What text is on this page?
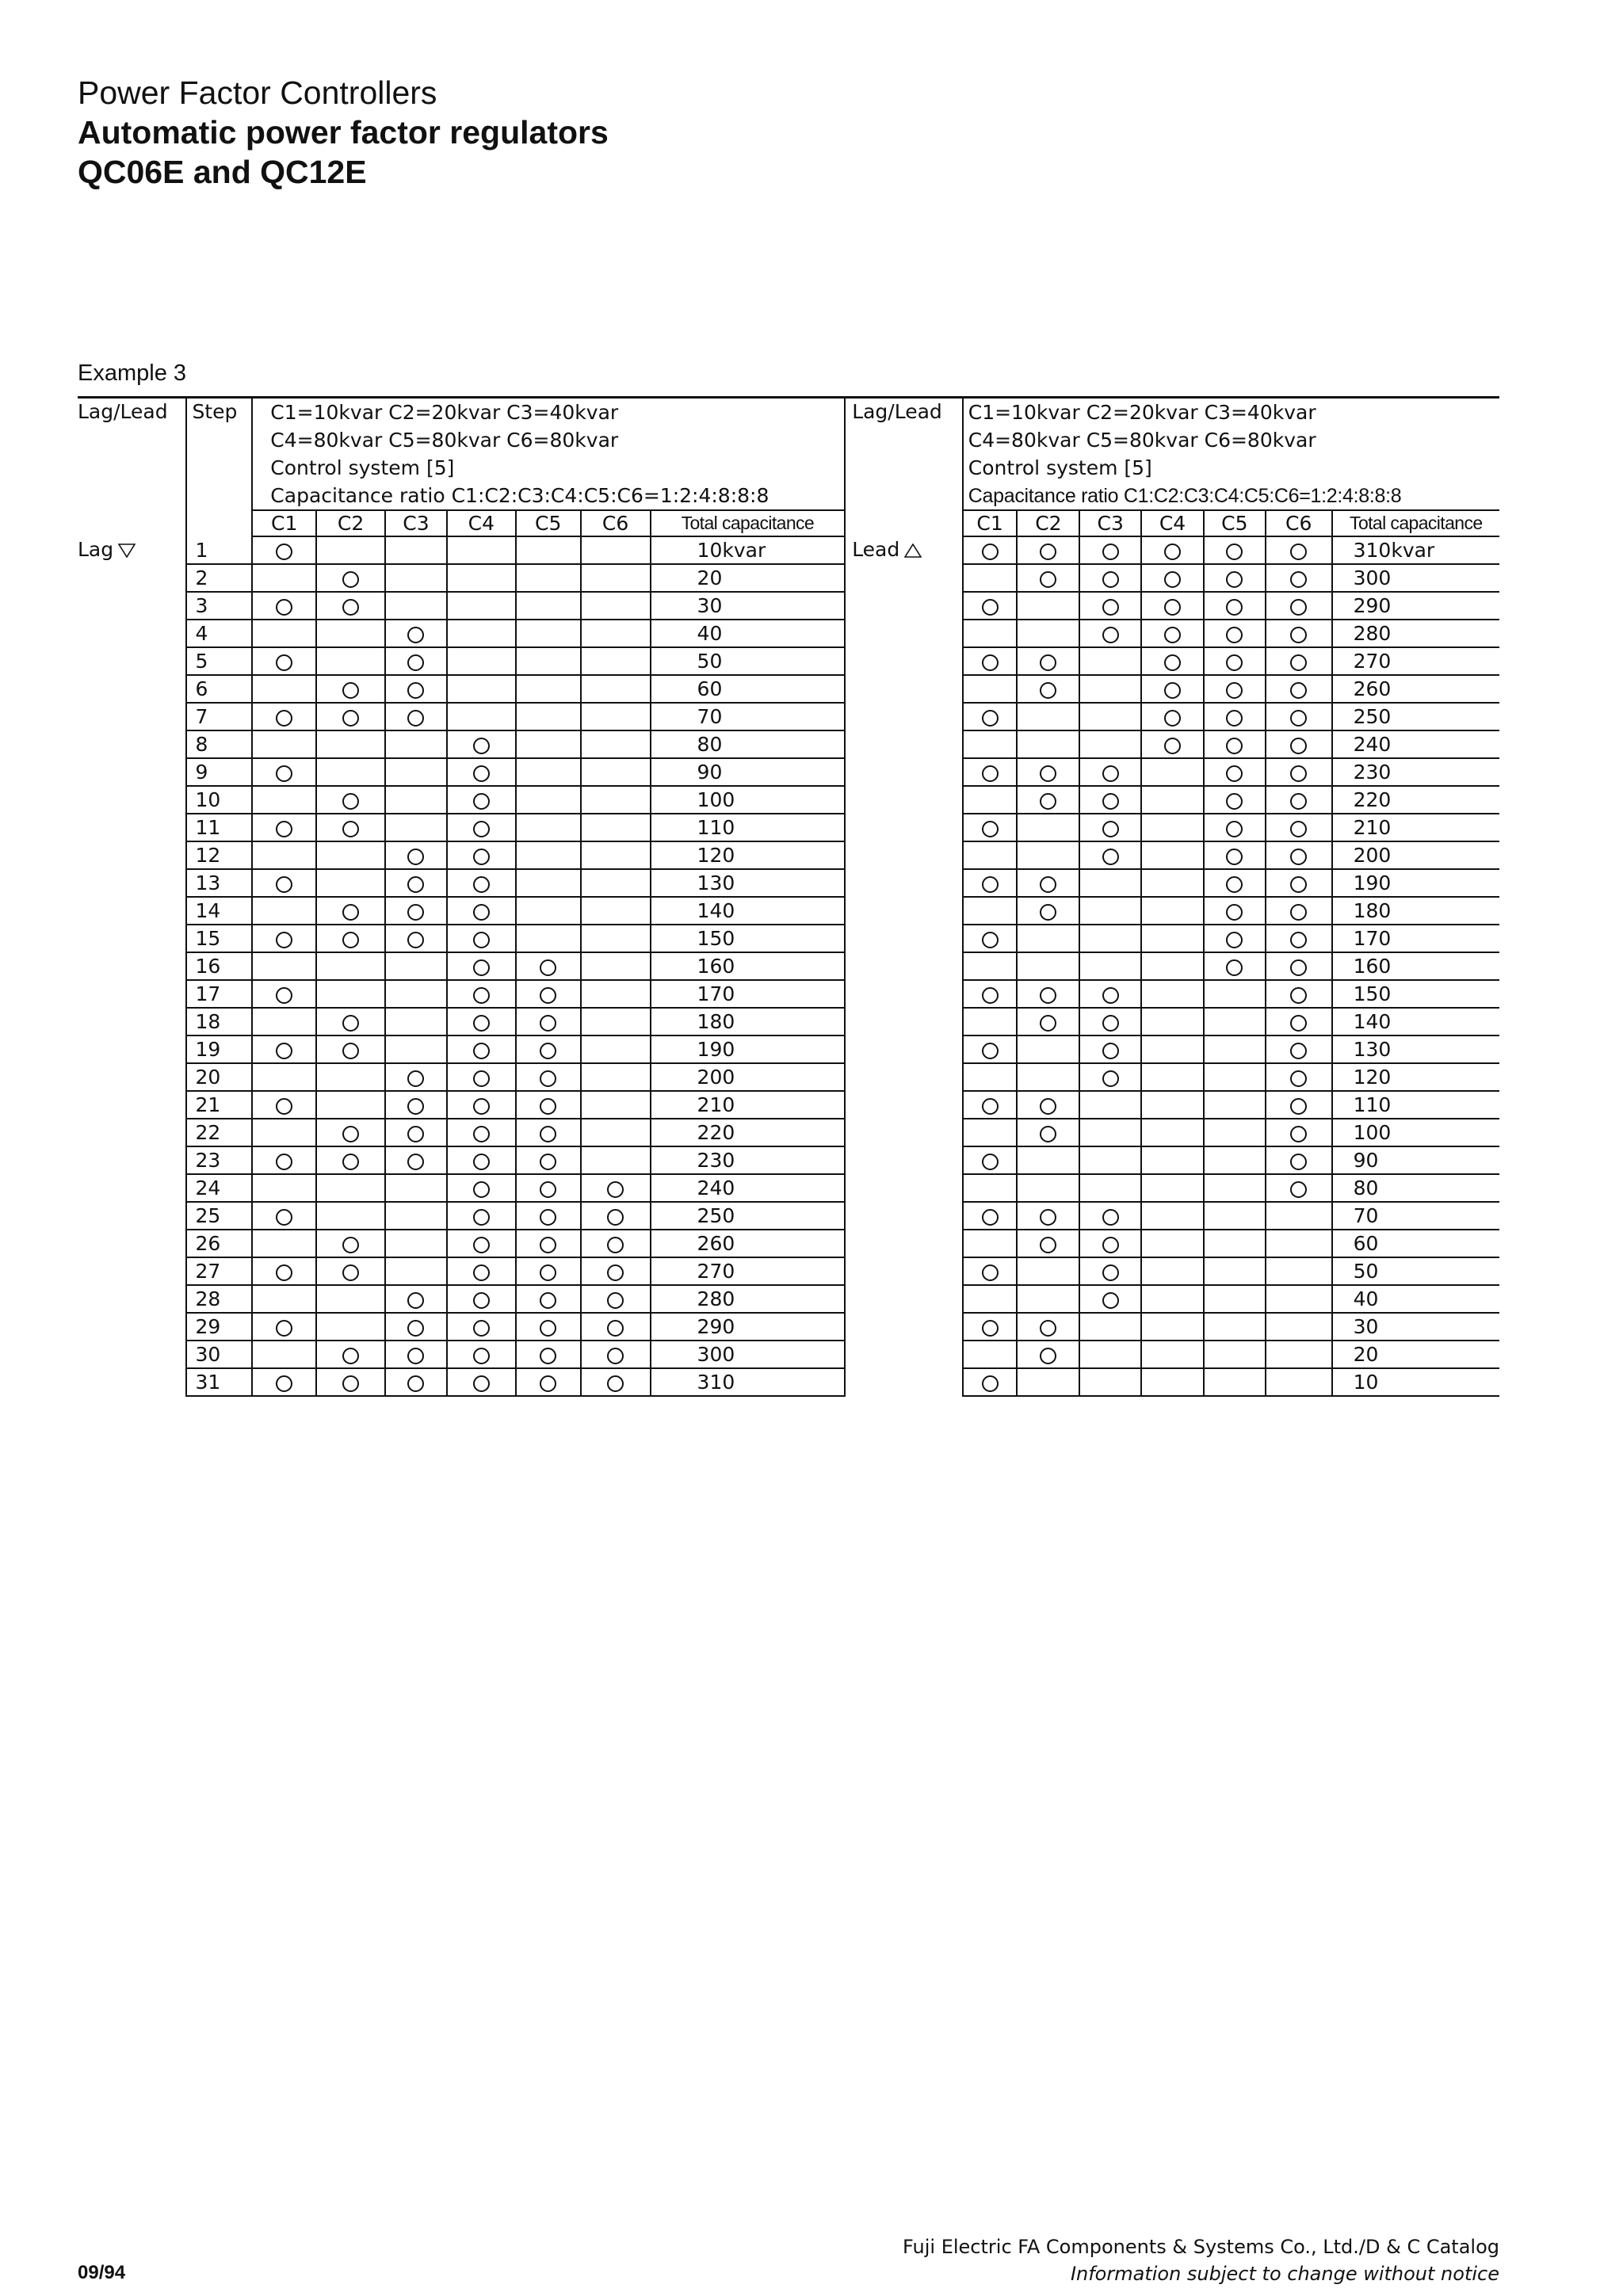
Power Factor Controllers
Automatic power factor regulators
QC06E and QC12E
Example 3
Lag/Lead	Step	C1=10kvar C2=20kvar C3=40kvar							Lag/Lead	C1=10kvar C2=20kvar C3=40kvar						
		C4=80kvar C5=80kvar C6=80kvar								C4=80kvar C5=80kvar C6=80kvar						
		Control system [5]								Control system [5]						
		Capacitance ratio C1:C2:C3:C4:C5:C6=1:2:4:8:8:8								Capacitance ratio C1:C2:C3:C4:C5:C6=1:2:4:8:8:8						
		C1	C2	C3	C4	C5	C6	Total capacitance		C1	C2	C3	C4	C5	C6	Total capacitance
Lag	1							10kvar	Lead							310kvar
	2							20								300
	3							30								290
	4							40								280
	5							50								270
	6							60								260
	7							70								250
	8							80								240
	9							90								230
	10							100								220
	11							110								210
	12							120								200
	13							130								190
	14							140								180
	15							150								170
	16							160								160
	17							170								150
	18							180								140
	19							190								130
	20							200								120
	21							210								110
	22							220								100
	23							230								90
	24							240								80
	25							250								70
	26							260								60
	27							270								50
	28							280								40
	29							290								30
	30							300								20
	31							310								10
09/94
Fuji Electric FA Components & Systems Co., Ltd./D & C Catalog
Information subject to change without notice
